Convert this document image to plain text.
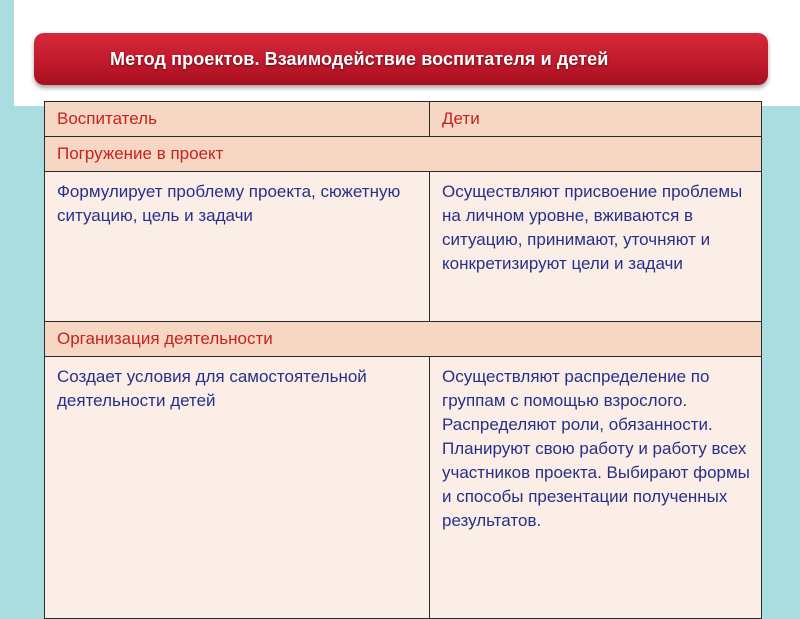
Метод проектов. Взаимодействие воспитателя и детей
Воспитатель	Дети
Погружение в проект	
Формулирует проблему проекта, сюжетную ситуацию, цель и задачи	Осуществляют присвоение проблемы на личном уровне, вживаются в ситуацию, принимают, уточняют и конкретизируют цели и задачи
Организация деятельности	
Создает условия для самостоятельной деятельности детей	Осуществляют распределение по группам с помощью взрослого. Распределяют роли, обязанности. Планируют свою работу и работу всех участников проекта. Выбирают формы и способы презентации полученных результатов.
